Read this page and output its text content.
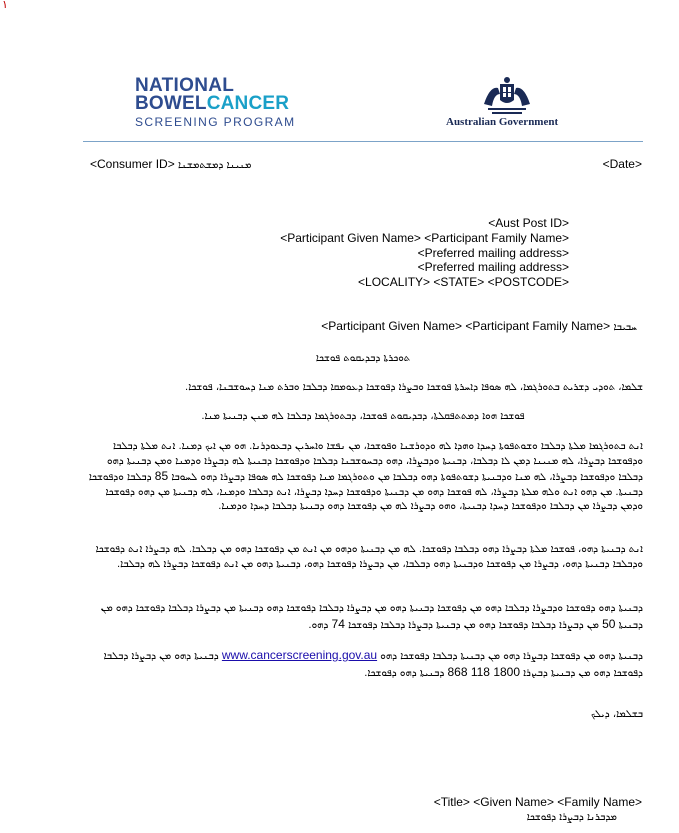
١
NATIONAL
BOWELCANCER
SCREENING PROGRAM	Australian Government
<Consumer ID> ܡܢܝܢܐ ܕܡܫܬܡܫܢܐ	<Date>
<Aust Post ID>
<Participant Given Name> <Participant Family Name>
<Preferred mailing address>
<Preferred mailing address>
<LOCALITY> <STATE> <POSTCODE>
<Participant Given Name> <Participant Family Name> ܚܒܝܒܐ
ܬܘܟܪܬܐ ܕܒܕܝܩܘܬ ܦܘܫܟܐ
ܫܠܡܐ، ܬܘܕܝ ܕܫܪܝܬ ܒܬܘܪܓܡܐ، ܠܗ ܣܘܦܐ ܕܐܚܪܬܐ ܦܘܫܟܐ ܘܒܨܪܐ ܕܦܘܫܟܐ ܕܥܘܡܩܐ ܕܒܠܒܐ ܘܒܪܬ ܡܢܐ ܕܚܘܫܒܢܐ، ܦܘܫܟܐ.
ܦܘܫܟܐ ܗܘܐ ܕܡܬܬܦܩܠܬܐ، ܕܒܕܝܩܘܬ ܦܘܫܟܐ، ܕܒܬܘܪܓܡܐ ܕܒܠܒܐ ܠܗ ܡܢܢ ܕܒܢܝܬܐ ܡܢܐ.
ܐܢܬ ܒܬܘܪܓܡܐ ܡܠܬܐ ܕܒܠܒܐ ܘܫܘܬܦܘܬܐ ܕܚܕܐ ܘܗܕܐ ܠܗ ܘܕܘܪܫܢܐ ܘܦܘܫܟܐ، ܡܢ ܢܦܫܐ ܘܐܚܪܝܢ ܕܒܥܘܕܪܢܐ. ܗܘ ܡܢ ܐܝܟ ܕܡܢܐ. ܐܢܬ ܡܠܬܐ ܕܒܠܒܐ ܘܕܦܘܫܟܐ ܕܒܨܪܐ، ܠܗ ܡܢܝܢܐ ܕܡܢ ܠܐ ܕܒܠܒܐ، ܕܒܢܝܬܐ ܘܕܒܨܪܐ، ܕܗܘ ܕܒܚܘܫܒܢܐ ܕܒܠܒܐ ܘܕܦܘܫܟܐ ܕܒܢܝܬܐ ܠܗ ܕܒܨܪܐ ܘܕܡܢܐ ܘܡܢ ܕܒܢܝܬܐ ܕܗܘ ܕܒܠܒܐ ܘܕܦܘܫܟܐ ܕܒܨܪܐ، ܠܗ ܡܢܐ ܘܕܒܢܝܬܐ ܕܫܘܬܦܘܬܐ ܕܗܘ ܕܒܠܒܐ ܡܢ ܘܬܘܪܓܡܐ ܡܢܐ ܕܦܘܫܟܐ ܠܗ ܣܘܦܐ ܕܒܨܪܐ ܕܗܘ ܠܚܘܒܐ 85 ܕܒܠܒܐ ܘܕܦܘܫܟܐ ܕܒܢܝܬܐ. ܡܢ ܕܗܘ ܐܢܬ ܘܠܗ ܡܠܬܐ ܕܒܨܪܐ، ܠܗ ܦܘܫܟܐ ܕܗܘ ܡܢ ܕܒܢܝܬܐ ܘܕܦܘܫܟܐ ܕܚܕܐ ܕܒܨܪܐ، ܐܢܬ ܕܒܠܒܐ ܘܕܡܢܐ، ܠܗ ܕܒܢܝܬܐ ܡܢ ܕܗܘ ܕܦܘܫܟܐ ܘܕܡܢ ܕܒܨܪܐ ܡܢ ܕܒܠܒܐ ܘܕܦܘܫܟܐ ܕܚܕܐ ܕܒܢܝܬܐ، ܘܗܘ ܕܒܨܪܐ ܠܗ ܡܢ ܕܦܘܫܟܐ ܕܗܘ ܕܒܢܝܬܐ ܕܒܠܒܐ ܕܚܕܐ ܘܕܡܢܐ.
ܐܢܬ ܕܒܢܝܬܐ ܕܗܘ، ܦܘܫܟܐ ܡܠܬܐ ܕܒܨܪܐ ܕܗܘ ܕܒܠܒܐ ܕܦܘܫܟܐ. ܠܗ ܡܢ ܕܒܢܝܬܐ ܘܕܗܘ ܡܢ ܐܢܬ ܡܢ ܕܦܘܫܟܐ ܕܗܘ ܡܢ ܕܒܠܒܐ. ܠܗ ܕܒܨܪܐ ܐܢܬ ܕܦܘܫܟܐ ܘܕܒܠܒܐ ܕܒܢܝܬܐ ܕܗܘ، ܕܒܨܪܐ ܡܢ ܕܦܘܫܟܐ ܘܕܒܢܝܬܐ ܕܗܘ ܕܒܠܒܐ، ܡܢ ܕܒܨܪܐ ܕܦܘܫܟܐ ܕܗܘ، ܕܒܢܝܬܐ ܕܗܘ ܡܢ ܐܢܬ ܕܦܘܫܟܐ ܕܒܨܪܐ ܠܗ ܕܒܠܒܐ.
ܕܒܢܝܬܐ ܕܗܘ ܕܦܘܫܟܐ ܘܕܒܨܪܐ ܕܒܠܒܐ ܕܗܘ ܡܢ ܕܦܘܫܟܐ ܕܒܢܝܬܐ ܕܗܘ ܡܢ ܕܒܨܪܐ ܕܒܠܒܐ ܕܦܘܫܟܐ ܕܗܘ ܕܒܢܝܬܐ ܡܢ ܕܒܨܪܐ ܕܒܠܒܐ ܕܦܘܫܟܐ ܕܗܘ ܡܢ ܕܒܢܝܬܐ 50 ܡܢ ܕܒܨܪܐ ܕܒܠܒܐ ܕܦܘܫܟܐ ܕܗܘ ܡܢ ܕܒܢܝܬܐ ܕܒܨܪܐ ܕܒܠܒܐ ܕܦܘܫܟܐ 74 ܕܗܘ.
ܕܒܢܝܬܐ ܕܗܘ ܡܢ ܕܦܘܫܟܐ ܕܒܨܪܐ ܕܗܘ ܡܢ ܕܒܢܝܬܐ ܕܒܠܒܐ ܕܦܘܫܟܐ ܕܗܘ www.cancerscreening.gov.au ܕܒܢܝܬܐ ܕܗܘ ܡܢ ܕܒܨܪܐ ܕܒܠܒܐ ܕܦܘܫܟܐ ܕܗܘ ܡܢ ܕܒܢܝܬܐ ܕܒܨܪܐ 1800 118 868 ܕܒܢܝܬܐ ܕܗܘ ܕܦܘܫܟܐ.
ܒܫܠܡܐ، ܕܝܠܟ
<Title> <Given Name> <Family Name>
ܡܕܒܪܢܐ ܕܒܨܪܐ ܕܦܘܫܟܐ
